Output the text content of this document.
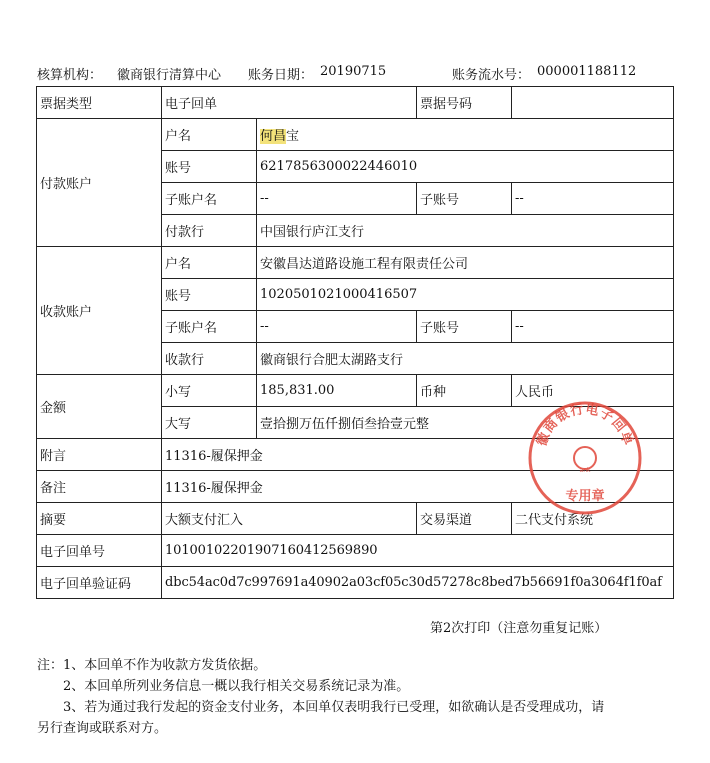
核算机构： 徽商银行清算中心 账务日期： 20190715	账务流水号： 000001188112
票据类型	电子回单		票据号码	
付款账户	户名	何昌宝		
	账号	6217856300022446010		
	子账户名	--	子账号	--
	付款行	中国银行庐江支行		
收款账户	户名	安徽昌达道路设施工程有限责任公司		
	账号	1020501021000416507		
	子账户名	--	子账号	--
	收款行	徽商银行合肥太湖路支行		
金额	小写	185,831.00	币种	人民币
	大写	壹拾捌万伍仟捌佰叁拾壹元整		
附言	11316-履保押金			
备注	11316-履保押金			
摘要	大额支付汇入		交易渠道	二代支付系统
电子回单号	101001022019071604125698​90			
电子回单验证码	dbc54ac0d7c997691a40902a03cf05c30d57278c8bed7b56691f0a3064f1f0af			
第2次打印（注意勿重复记账）
注：1、本回单不作为收款方发货依据。
2、本回单所列业务信息一概以我行相关交易系统记录为准。
3、若为通过我行发起的资金支付业务，本回单仅表明我行已受理，如欲确认是否受理成功，请
另行查询或联系对方。
徽商银行电子回单
ank
专用章
